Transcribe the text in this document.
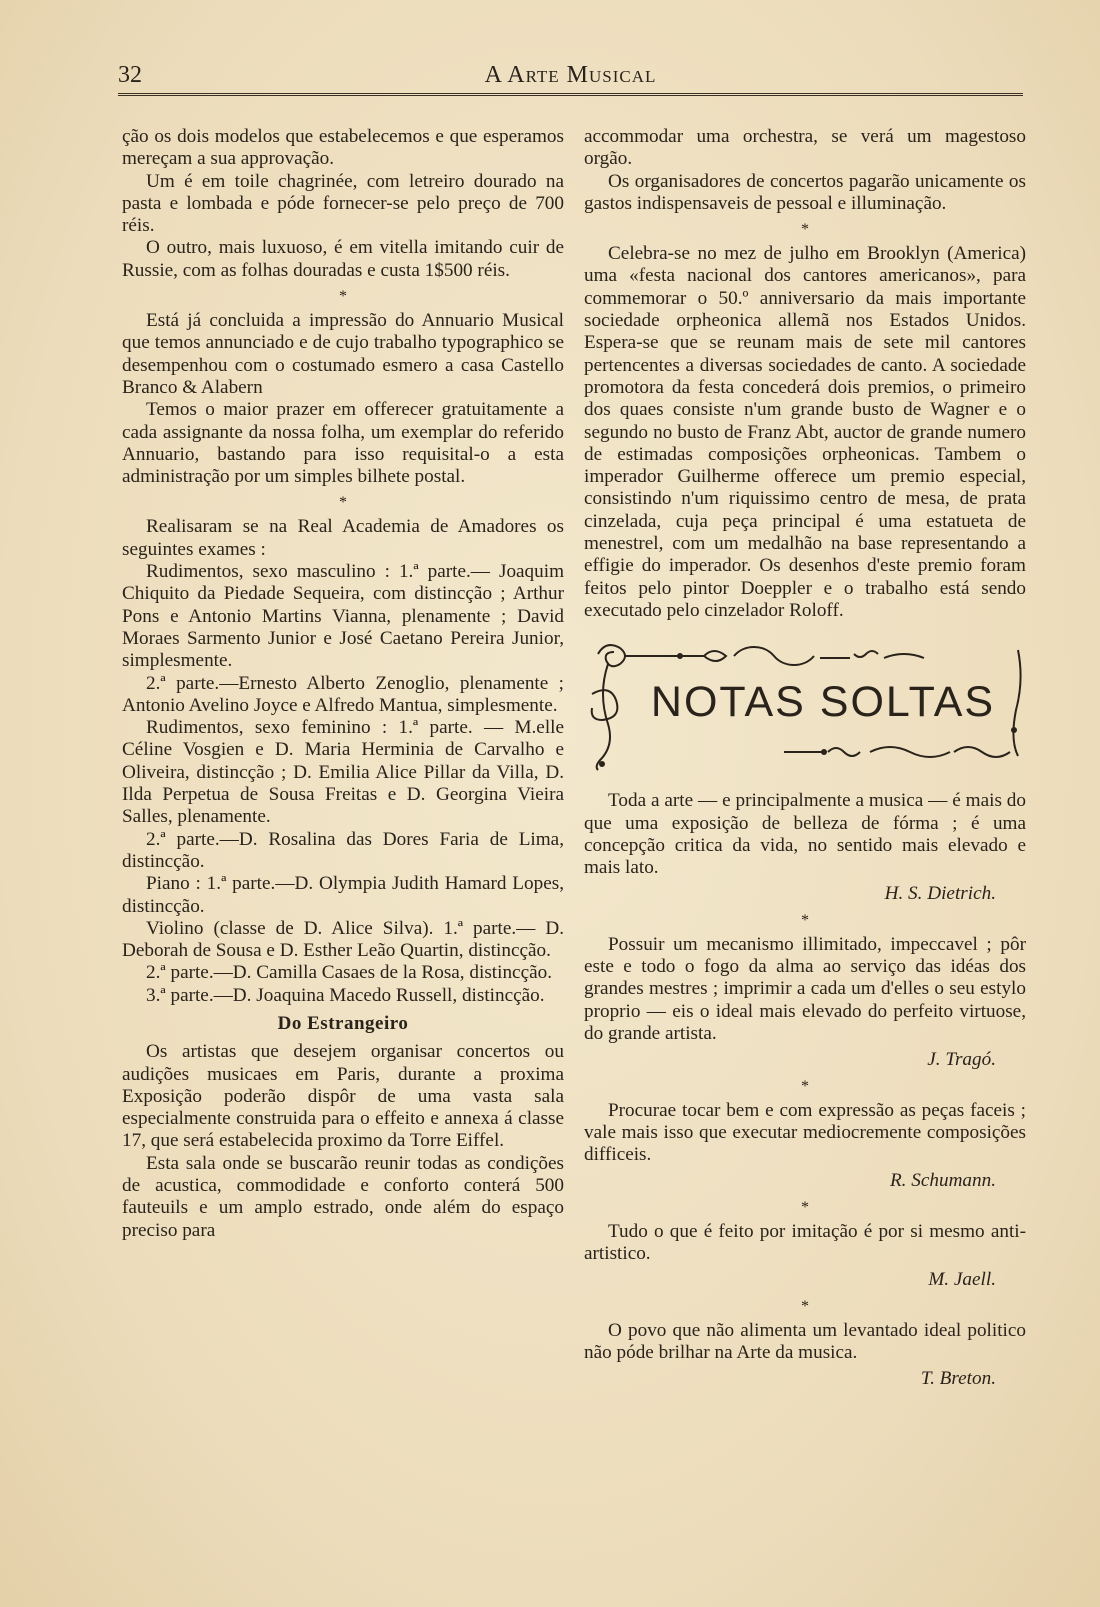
32	A Arte Musical

ção os dois modelos que estabelecemos e que esperamos mereçam a sua approvação.

Um é em toile chagrinée, com letreiro dourado na pasta e lombada e póde fornecer-se pelo preço de 700 réis.

O outro, mais luxuoso, é em vitella imitando cuir de Russie, com as folhas douradas e custa 1$500 réis.

*

Está já concluida a impressão do Annuario Musical que temos annunciado e de cujo trabalho typographico se desempenhou com o costumado esmero a casa Castello Branco & Alabern

Temos o maior prazer em offerecer gratuitamente a cada assignante da nossa folha, um exemplar do referido Annuario, bastando para isso requisital-o a esta administração por um simples bilhete postal.

*

Realisaram se na Real Academia de Amadores os seguintes exames :

Rudimentos, sexo masculino : 1.ª parte.— Joaquim Chiquito da Piedade Sequeira, com distincção ; Arthur Pons e Antonio Martins Vianna, plenamente ; David Moraes Sarmento Junior e José Caetano Pereira Junior, simplesmente.

2.ª parte.—Ernesto Alberto Zenoglio, plenamente ; Antonio Avelino Joyce e Alfredo Mantua, simplesmente.

Rudimentos, sexo feminino : 1.ª parte. — M.elle Céline Vosgien e D. Maria Herminia de Carvalho e Oliveira, distincção ; D. Emilia Alice Pillar da Villa, D. Ilda Perpetua de Sousa Freitas e D. Georgina Vieira Salles, plenamente.

2.ª parte.—D. Rosalina das Dores Faria de Lima, distincção.

Piano : 1.ª parte.—D. Olympia Judith Hamard Lopes, distincção.

Violino (classe de D. Alice Silva). 1.ª parte.— D. Deborah de Sousa e D. Esther Leão Quartin, distincção.

2.ª parte.—D. Camilla Casaes de la Rosa, distincção.

3.ª parte.—D. Joaquina Macedo Russell, distincção.

Do Estrangeiro

Os artistas que desejem organisar concertos ou audições musicaes em Paris, durante a proxima Exposição poderão dispôr de uma vasta sala especialmente construida para o effeito e annexa á classe 17, que será estabelecida proximo da Torre Eiffel.

Esta sala onde se buscarão reunir todas as condições de acustica, commodidade e conforto conterá 500 fauteuils e um amplo estrado, onde além do espaço preciso para

accommodar uma orchestra, se verá um magestoso orgão.

Os organisadores de concertos pagarão unicamente os gastos indispensaveis de pessoal e illuminação.

*

Celebra-se no mez de julho em Brooklyn (America) uma «festa nacional dos cantores americanos», para commemorar o 50.º anniversario da mais importante sociedade orpheonica allemã nos Estados Unidos. Espera-se que se reunam mais de sete mil cantores pertencentes a diversas sociedades de canto. A sociedade promotora da festa concederá dois premios, o primeiro dos quaes consiste n'um grande busto de Wagner e o segundo no busto de Franz Abt, auctor de grande numero de estimadas composições orpheonicas. Tambem o imperador Guilherme offerece um premio especial, consistindo n'um riquissimo centro de mesa, de prata cinzelada, cuja peça principal é uma estatueta de menestrel, com um medalhão na base representando a effigie do imperador. Os desenhos d'este premio foram feitos pelo pintor Doeppler e o trabalho está sendo executado pelo cinzelador Roloff.

NOTAS SOLTAS

Toda a arte — e principalmente a musica — é mais do que uma exposição de belleza de fórma ; é uma concepção critica da vida, no sentido mais elevado e mais lato.

H. S. Dietrich.
*

Possuir um mecanismo illimitado, impeccavel ; pôr este e todo o fogo da alma ao serviço das idéas dos grandes mestres ; imprimir a cada um d'elles o seu estylo proprio — eis o ideal mais elevado do perfeito virtuose, do grande artista.

J. Tragó.
*

Procurae tocar bem e com expressão as peças faceis ; vale mais isso que executar mediocremente composições difficeis.

R. Schumann.
*

Tudo o que é feito por imitação é por si mesmo anti-artistico.

M. Jaell.
*

O povo que não alimenta um levantado ideal politico não póde brilhar na Arte da musica.

T. Breton.
